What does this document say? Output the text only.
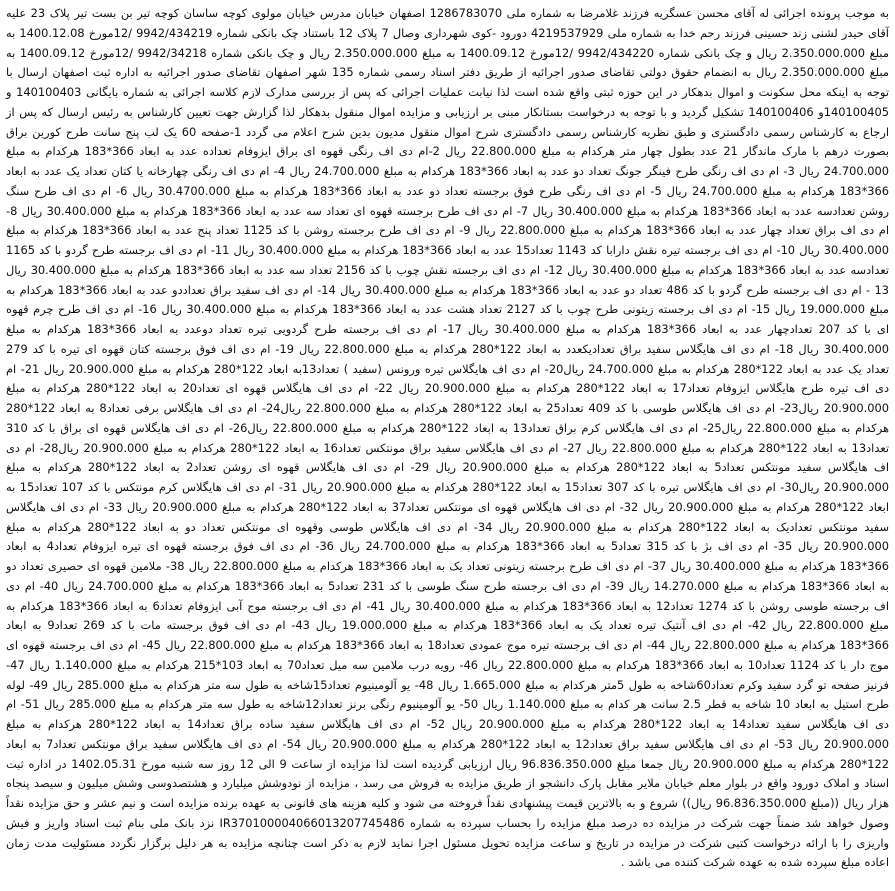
به موجب پرونده اجرائی له آقای محسن عسگریه فرزند غلامرضا به شماره ملی 1286783070 اصفهان خیابان مدرس خیابان مولوی کوچه ساسان کوچه تیر بن بست تیر پلاک 23 علیه آقای حیدر لشنی زند حسینی فرزند رحم خدا به شماره ملی 4219537929 دورود -کوی شهرداری وصال 7 پلاک 12 باستناد چک بانکی شماره 9942/434219 /12مورخ 1400.12.08 به مبلغ 2.350.000.000 ریال و چک بانکی شماره 9942/434220 /12مورخ 1400.09.12 به مبلغ 2.350.000.000 ریال و چک بانکی شماره 9942/34218 /12مورخ 1400.09.12 به مبلغ 2.350.000.000 ریال به انضمام حقوق دولتی تقاضای صدور اجرائیه از طریق دفتر اسناد رسمی شماره 135 شهر اصفهان تقاضای صدور اجرائیه به اداره ثبت اصفهان ارسال با توجه به اینکه محل سکونت و اموال بدهکار در این حوزه ثبتی واقع شده است لذا نیابت عملیات اجرائی که پس از بررسی مدارک لازم کلاسه اجرائی به شماره بایگانی 140100403 و 140100405و 140100406 تشکیل گردید و با توجه به درخواست بستانکار مبنی بر ارزیابی و مزایده اموال منقول بدهکار لذا گزارش جهت تعیین کارشناس به رئیس ارسال که پس از ارجاع به کارشناس رسمی دادگستری و طبق نظریه کارشناس رسمی دادگستری شرح اموال منقول مدیون بدین شرح اعلام می گردد 1-صفحه 60 یک لب پنج سانت طرح کورین براق بصورت درهم با مارک ماندگار 21 عدد بطول چهار متر هرکدام به مبلغ 22.800.000 ریال 2-ام دی اف رنگی قهوه ای براق ایزوفام تعداده عدد به ابعاد 366*183 هرکدام به مبلغ 24.700.000 ریال 3- ام دی اف رنگی طرح فینگر جونگ تعداد دو عدد به ابعاد 366*183 هرکدام به مبلغ 24.700.000 ریال 4- ام دی اف رنگی چهارخانه یا کتان تعداد یک عدد به ابعاد 366*183 هرکدام به مبلغ 24.700.000 ریال 5- ام دی اف رنگی طرح فوق برجسته تعداد دو عدد به ابعاد 366*183 هرکدام به مبلغ 30.4700.000 ریال 6- ام دی اف طرح سنگ روشن تعدادسه عدد به ابعاد 366*183 هرکدام به مبلغ 30.400.000 ریال 7- ام دی اف طرح برجسته قهوه ای تعداد سه عدد به ابعاد 366*183 هرکدام به مبلغ 30.400.000 ریال 8- ام دی اف براق تعداد چهار عدد به ابعاد 366*183 هرکدام به مبلغ 22.800.000 ریال 9- ام دی اف طرح برجسته روشن با کد 1125 تعداد پنج عدد به ابعاد 366*183 هرکدام به مبلغ 30.400.000 ریال 10- ام دی اف برجسته تیره نقش دارابا کد 1143 تعداد15 عدد به ابعاد 366*183 هرکدام به مبلغ 30.400.000 ریال 11- ام دی اف برجسته طرح گردو با کد 1165 تعدادسه عدد به ابعاد 366*183 هرکدام به مبلغ 30.400.000 ریال 12- ام دی اف برجسته نقش چوب با کد 2156 تعداد سه عدد به ابعاد 366*183 هرکدام به مبلغ 30.400.000 ریال 13 - ام دی اف برجسته طرح گردو با کد 486 تعداد دو عدد به ابعاد 366*183 هرکدام به مبلغ 30.400.000 ریال 14- ام دی اف سفید براق تعداددو عدد به ابعاد 366*183 هرکدام به مبلغ 19.000.000 ریال 15- ام دی اف برجسته زیتونی طرح چوب با کد 2127 تعداد هشت عدد به ابعاد 366*183 هرکدام به مبلغ 30.400.000 ریال 16- ام دی اف طرح چرم قهوه ای با کد 207 تعدادچهار عدد به ابعاد 366*183 هرکدام به مبلغ 30.400.000 ریال 17- ام دی اف برجسته طرح گردویی تیره تعداد دوعدد به ابعاد 366*183 هرکدام به مبلغ 30.400.000 ریال 18- ام دی اف هایگلاس سفید براق تعدادیکعدد به ابعاد 122*280 هرکدام به مبلغ 22.800.000 ریال 19- ام دی اف فوق برجسته کتان قهوه ای تیره با کد 279 تعداد یک عدد به ابعاد 122*280 هرکدام به مبلغ 24.700.000 ریال20- ام دی اف هایگلاس تیره ورونس (سفید ) تعداد13به ابعاد 122*280 هرکدام به مبلغ 20.900.000 ریال 21- ام دی اف تیره طرح هایگلاس ایزوفام تعداد17 به ابعاد 122*280 هرکدام به مبلغ 20.900.000 ریال 22- ام دی اف هایگلاس قهوه ای تعداد20 به ابعاد 122*280 هرکدام به مبلغ 20.900.000 ریال23- ام دی اف هایگلاس طوسی با کد 409 تعداد25 به ابعاد 122*280 هرکدام به مبلغ 22.800.000 ریال24- ام دی اف هایگلاس برفی تعداد8 به ابعاد 122*280 هرکدام به مبلغ 22.800.000 ریال25- ام دی اف هایگلاس کرم براق تعداد13 به ابعاد 122*280 هرکدام به مبلغ 22.800.000 ریال26- ام دی اف هایگلاس قهوه ای براق با کد 310 تعداد13 به ابعاد 122*280 هرکدام به مبلغ 22.800.000 ریال 27- ام دی اف هایگلاس سفید براق مونتکس تعداد16 به ابعاد 122*280 هرکدام به مبلغ 20.900.000 ریال28- ام دی اف هایگلاس سفید مونتکس تعداد5 به ابعاد 122*280 هرکدام به مبلغ 20.900.000 ریال 29- ام دی اف هایگلاس قهوه ای روشن تعداد2 به ابعاد 122*280 هرکدام به مبلغ 20.900.000 ریال30- ام دی اف هایگلاس تیره با کد 307 تعداد15 به ابعاد 122*280 هرکدام به مبلغ 20.900.000 ریال 31- ام دی اف هایگلاس کرم مونتکس با کد 107 تعداد15 به ابعاد 122*280 هرکدام به مبلغ 20.900.000 ریال 32- ام دی اف هایگلاس قهوه ای مونتکس تعداد37 به ابعاد 122*280 هرکدام به مبلغ 20.900.000 ریال 33- ام دی اف هایگلاس سفید مونتکس تعدادیک به ابعاد 122*280 هرکدام به مبلغ 20.900.000 ریال 34- ام دی اف هایگلاس طوسی وقهوه ای مونتکس تعداد دو به ابعاد 122*280 هرکدام به مبلغ 20.900.000 ریال 35- ام دی اف بژ با کد 315 تعداد5 به ابعاد 366*183 هرکدام به مبلغ 24.700.000 ریال 36- ام دی اف فوق برجسته قهوه ای تیره ایزوفام تعداد4 به ابعاد 366*183 هرکدام به مبلغ 30.400.000 ریال 37- ام دی اف طرح برجسته زیتونی تعداد یک به ابعاد 366*183 هرکدام به مبلغ 22.800.000 ریال 38- ملامین قهوه ای حصیری تعداد دو به ابعاد 366*183 هرکدام به مبلغ 14.270.000 ریال 39- ام دی اف برجسته طرح سنگ طوسی با کد 231 تعداد5 به ابعاد 366*183 هرکدام به مبلغ 24.700.000 ریال 40- ام دی اف برجسته طوسی روشن با کد 1274 تعداد12 به ابعاد 366*183 هرکدام به مبلغ 30.400.000 ریال 41- ام دی اف برجسته موج آبی ایزوفام تعداد6 به ابعاد 366*183 هرکدام به مبلغ 22.800.000 ریال 42- ام دی اف آنتیک تیره تعداد یک به ابعاد 366*183 هرکدام به مبلغ 19.000.000 ریال 43- ام دی اف فوق برجسته مات با کد 269 تعداد9 به ابعاد 366*183 هرکدام به مبلغ 22.800.000 ریال 44- ام دی اف برجسته تیره موج عمودی تعداد18 به ابعاد 366*183 هرکدام به مبلغ 22.800.000 ریال 45- ام دی اف برجسته قهوه ای موج دار با کد 1124 تعداد10 به ابعاد 366*183 هرکدام به مبلغ 22.800.000 ریال 46- رویه درب ملامین سه میل تعداد70 به ابعاد 103*215 هرکدام به مبلغ 1.140.000 ریال 47- فرنیز صفحه تو گرد سفید وکرم تعداد60شاخه به طول 5متر هرکدام به مبلغ 1.665.000 ریال 48- یو آلومینیوم تعداد15شاخه به طول سه متر هرکدام به مبلغ 285.000 ریال 49- لوله طرح استیل به ابعاد 10 شاخه به قطر 2.5 سانت هر کدام به مبلغ 1.140.000 ریال 50- یو آلومینیوم رنگی برنز تعداد12شاخه به طول سه متر هرکدام به مبلغ 285.000 ریال 51- ام دی اف هایگلاس سفید تعداد14 به ابعاد 122*280 هرکدام به مبلغ 20.900.000 ریال 52- ام دی اف هایگلاس سفید ساده براق تعداد14 به ابعاد 122*280 هرکدام به مبلغ 20.900.000 ریال 53- ام دی اف هایگلاس سفید براق تعداد12 به ابعاد 122*280 هرکدام به مبلغ 20.900.000 ریال 54- ام دی اف هایگلاس سفید براق مونتکس تعداد7 به ابعاد 122*280 هرکدام به مبلغ 20.900.000 ریال جمعا مبلغ 96.836.350.000 ریال ارزیابی گردیده است لذا مزایده از ساعت 9 الی 12 روز سه شنبه مورخ 1402.05.31 در اداره ثبت اسناد و املاک دورود واقع در بلوار معلم خیابان ملایر مقابل پارک دانشجو از طریق مزایده به فروش می رسد ، مزایده از نودوشش میلیارد و هشتصدوسی وشش میلیون و سیصد پنجاه هزار ریال ((مبلغ 96.836.350.000 ریال)) شروع و به بالاترین قیمت پیشنهادی نقداً فروخته می شود و کلیه هزینه های قانونی به عهده برنده مزایده است و نیم عشر و حق مزایده نقداً وصول خواهد شد ضمناً جهت شرکت در مزایده ده درصد مبلغ مزایده را بحساب سپرده به شماره IR370100004066013207745486 نزد بانک ملی بنام ثبت اسناد واریز و فیش واریزی را با ارائه درخواست کتبی شرکت در مزایده در تاریخ و ساعت مزایده تحویل مسئول اجرا نماید لازم به ذکر است چنانچه مزایده به هر دلیل برگزار نگردد مسئولیت مدت زمان اعاده مبلغ سپرده شده به عهده شرکت کننده می باشد .
